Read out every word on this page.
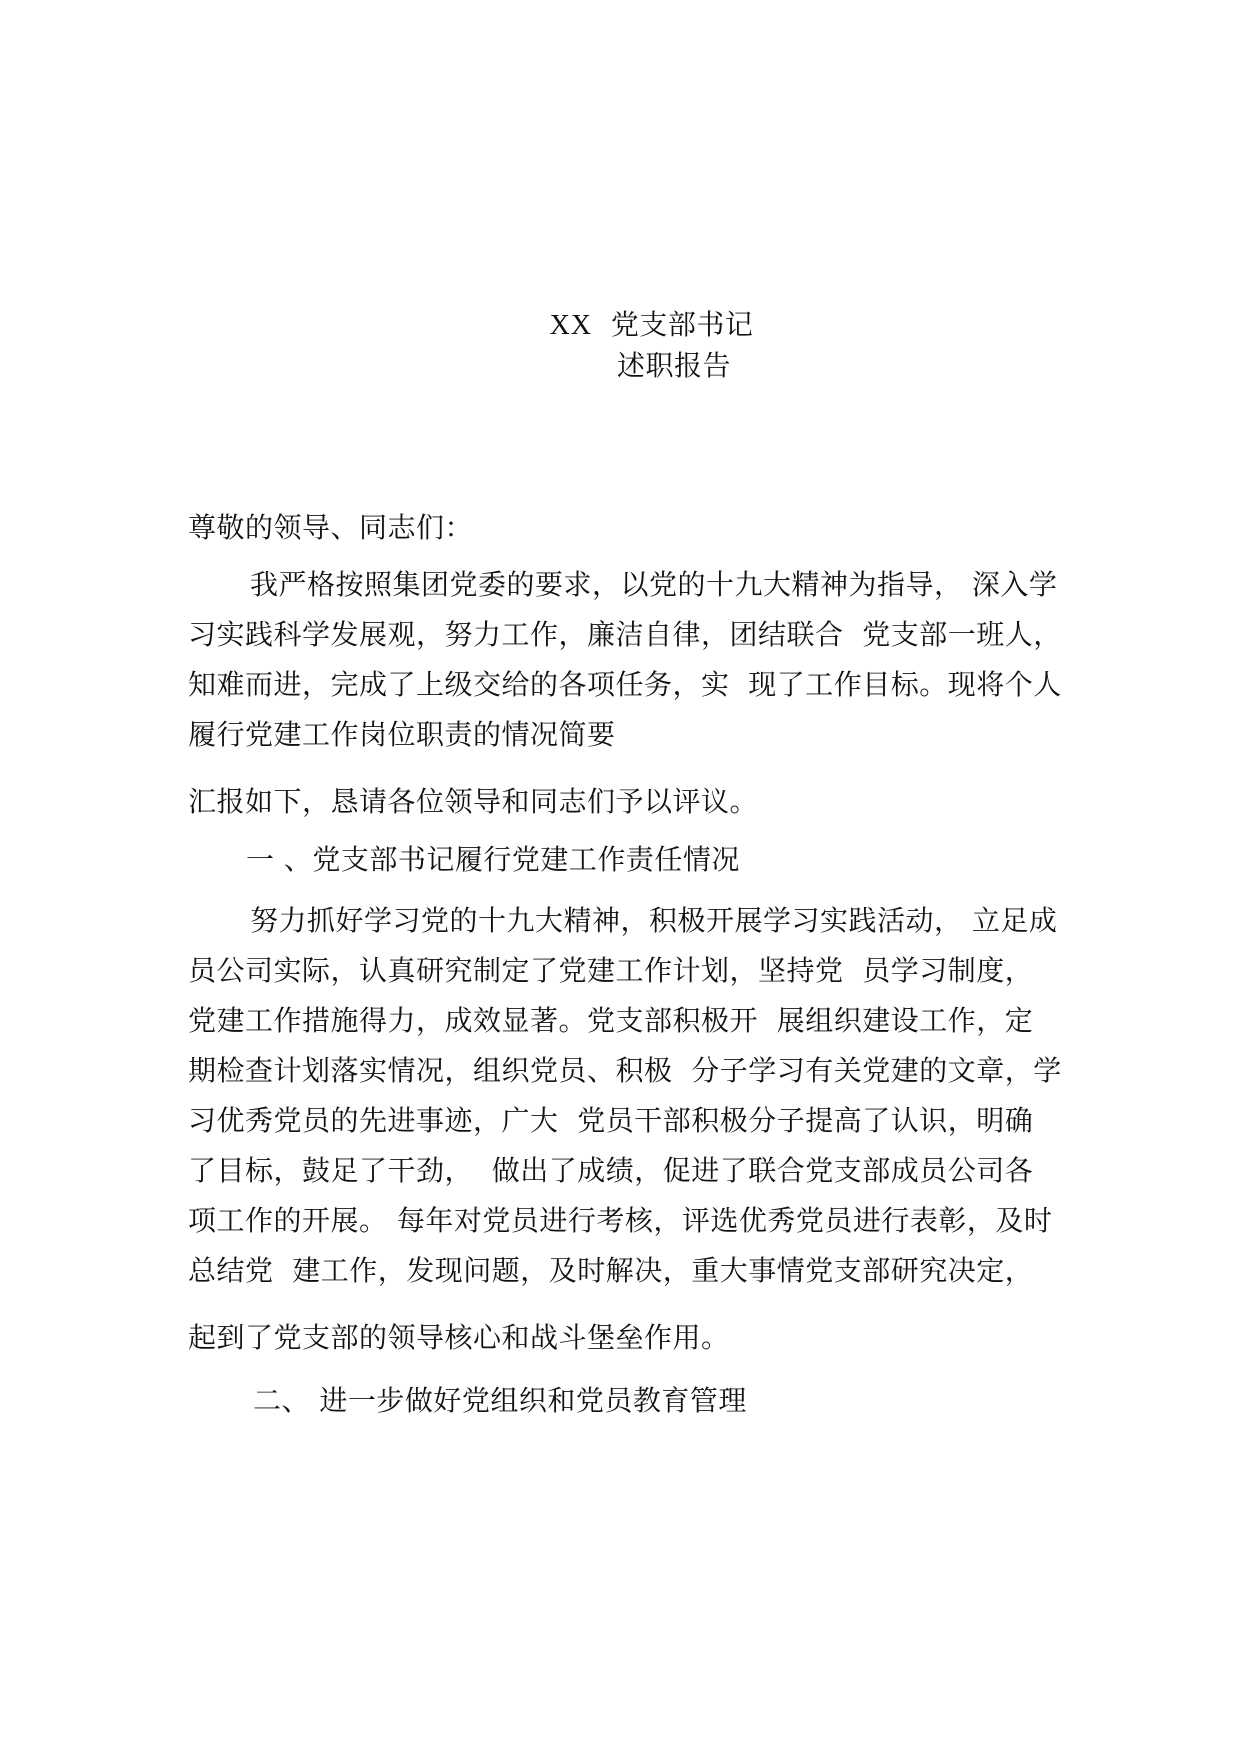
XX 党支部书记

述职报告
尊敬的领导、同志们：
我严格按照集团党委的要求，以党的十九大精神为指导， 深入学
习实践科学发展观，努力工作，廉洁自律，团结联合  党支部一班人，
知难而进，完成了上级交给的各项任务，实  现了工作目标。现将个人
履行党建工作岗位职责的情况简要
汇报如下，恳请各位领导和同志们予以评议。
一 、党支部书记履行党建工作责任情况
努力抓好学习党的十九大精神，积极开展学习实践活动， 立足成
员公司实际，认真研究制定了党建工作计划，坚持党  员学习制度，
党建工作措施得力，成效显著。党支部积极开  展组织建设工作，定
期检查计划落实情况，组织党员、积极  分子学习有关党建的文章，学
习优秀党员的先进事迹，广大  党员干部积极分子提高了认识，明确
了目标，鼓足了干劲，  做出了成绩，促进了联合党支部成员公司各
项工作的开展。 每年对党员进行考核，评选优秀党员进行表彰，及时
总结党  建工作，发现问题，及时解决，重大事情党支部研究决定，
起到了党支部的领导核心和战斗堡垒作用。
二、 进一步做好党组织和党员教育管理
